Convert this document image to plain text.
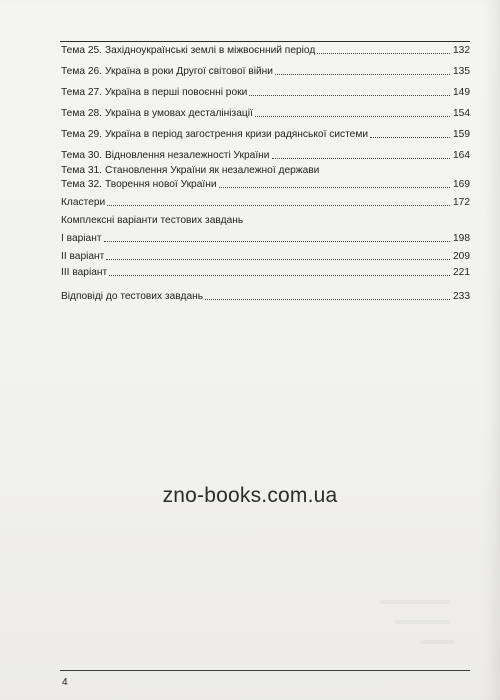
Тема 25. Західноукраїнські землі в міжвоєнний період	132
Тема 26. Україна в роки Другої світової війни	135
Тема 27. Україна в перші повоєнні роки	149
Тема 28. Україна в умовах десталінізації	154
Тема 29. Україна в період загострення кризи радянської системи	159
Тема 30. Відновлення незалежності України	164
Тема 31. Становлення України як незалежної держави
Тема 32. Творення нової України	169
Кластери	172
Комплексні варіанти тестових завдань
І варіант	198
ІІ варіант	209
ІІІ варіант	221
Відповіді до тестових завдань	233
zno-books.com.ua
4
